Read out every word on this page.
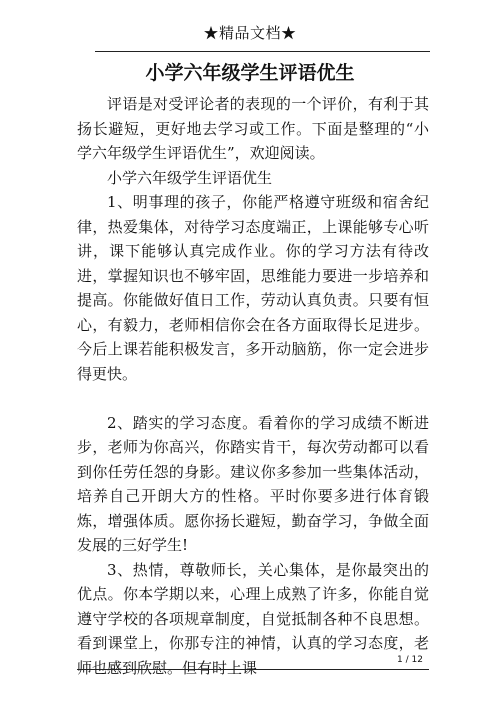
★精品文档★
小学六年级学生评语优生

评语是对受评论者的表现的一个评价，有利于其扬长避短，更好地去学习或工作。下面是整理的“小学六年级学生评语优生”，欢迎阅读。

小学六年级学生评语优生

1、明事理的孩子，你能严格遵守班级和宿舍纪律，热爱集体，对待学习态度端正，上课能够专心听讲，课下能够认真完成作业。你的学习方法有待改进，掌握知识也不够牢固，思维能力要进一步培养和提高。你能做好值日工作，劳动认真负责。只要有恒心，有毅力，老师相信你会在各方面取得长足进步。今后上课若能积极发言，多开动脑筋，你一定会进步得更快。

2、踏实的学习态度。看着你的学习成绩不断进步，老师为你高兴，你踏实肯干，每次劳动都可以看到你任劳任怨的身影。建议你多参加一些集体活动，培养自己开朗大方的性格。平时你要多进行体育锻炼，增强体质。愿你扬长避短，勤奋学习，争做全面发展的三好学生!

3、热情，尊敬师长，关心集体，是你最突出的优点。你本学期以来，心理上成熟了许多，你能自觉遵守学校的各项规章制度，自觉抵制各种不良思想。看到课堂上，你那专注的神情，认真的学习态度，老师也感到欣慰。但有时上课	1 / 12
